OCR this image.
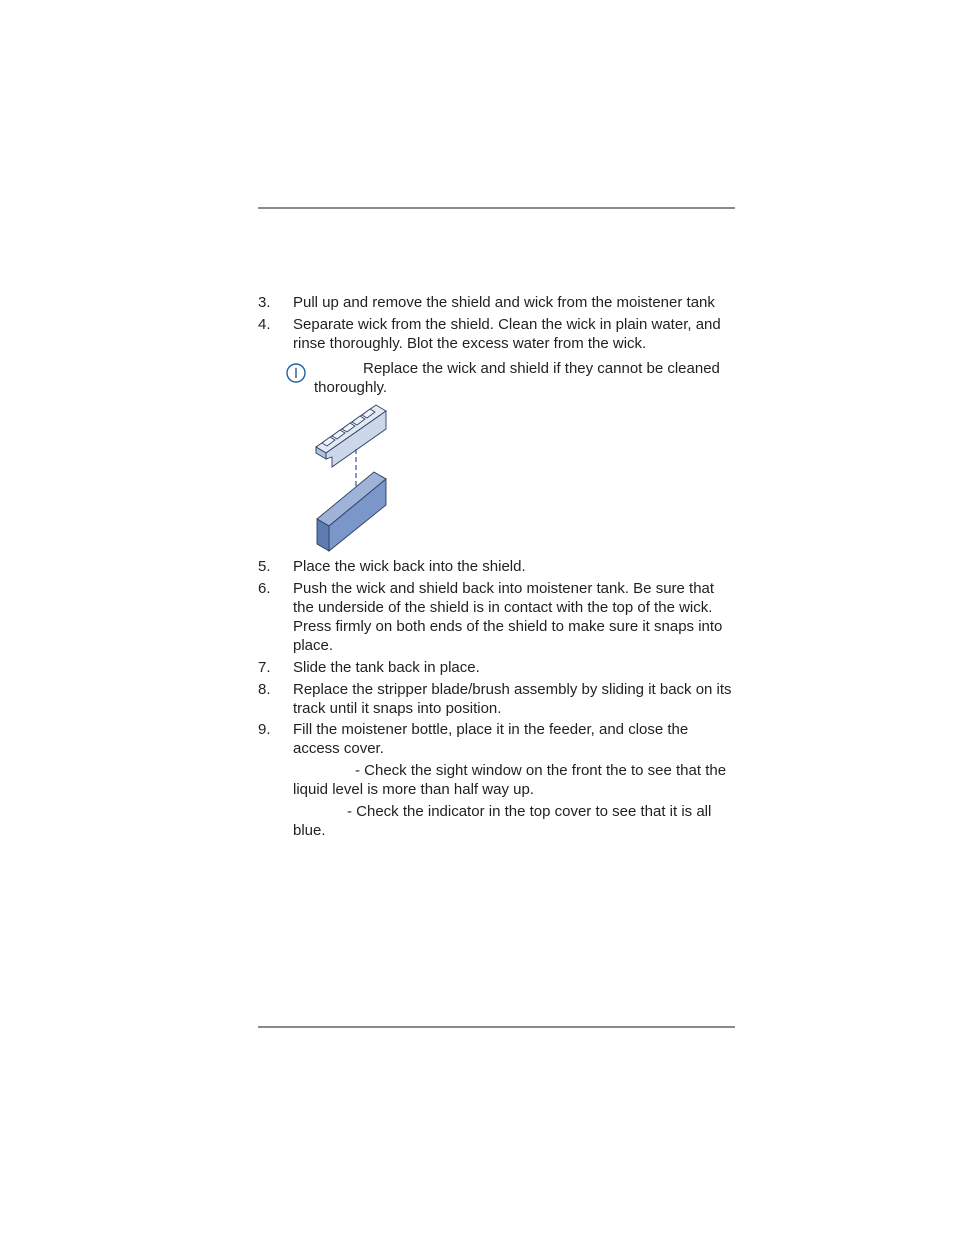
3. Pull up and remove the shield and wick from the moistener tank
4. Separate wick from the shield. Clean the wick in plain water, and rinse thoroughly. Blot the excess water from the wick.
Replace the wick and shield if they cannot be cleaned thoroughly.
5. Place the wick back into the shield.
6. Push the wick and shield back into moistener tank. Be sure that the underside of the shield is in contact with the top of the wick. Press firmly on both ends of the shield to make sure it snaps into place.
7. Slide the tank back in place.
8. Replace the stripper blade/brush assembly by sliding it back on its track until it snaps into position.
9. Fill the moistener bottle, place it in the feeder, and close the access cover.
- Check the sight window on the front the to see that the liquid level is more than half way up.
- Check the indicator in the top cover to see that it is all blue.
